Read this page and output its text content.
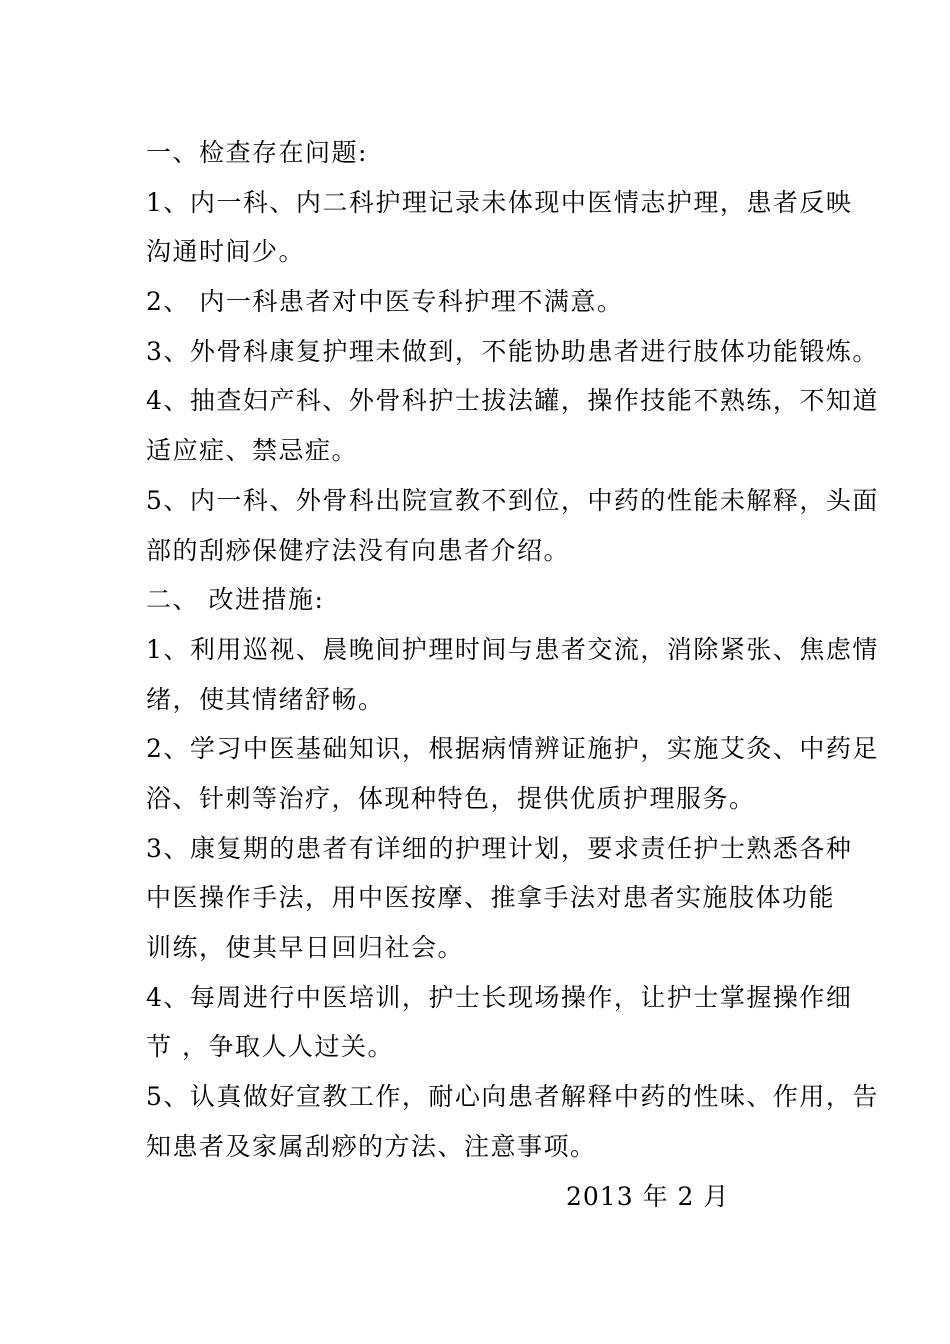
一、检查存在问题:
1、内一科、内二科护理记录未体现中医情志护理，患者反映
沟通时间少。
2、 内一科患者对中医专科护理不满意。
3、外骨科康复护理未做到，不能协助患者进行肢体功能锻炼。
4、抽查妇产科、外骨科护士拔法罐，操作技能不熟练，不知道
适应症、禁忌症。
5、内一科、外骨科出院宣教不到位，中药的性能未解释，头面
部的刮痧保健疗法没有向患者介绍。
二、 改进措施:
1、利用巡视、晨晚间护理时间与患者交流，消除紧张、焦虑情
绪，使其情绪舒畅。
2、学习中医基础知识，根据病情辨证施护，实施艾灸、中药足
浴、针刺等治疗，体现种特色，提供优质护理服务。
3、康复期的患者有详细的护理计划，要求责任护士熟悉各种
中医操作手法，用中医按摩、推拿手法对患者实施肢体功能
训练，使其早日回归社会。
4、每周进行中医培训，护士长现场操作，让护士掌握操作细
节 ，争取人人过关。
5、认真做好宣教工作，耐心向患者解释中药的性味、作用，告
知患者及家属刮痧的方法、注意事项。
2013 年 2 月
